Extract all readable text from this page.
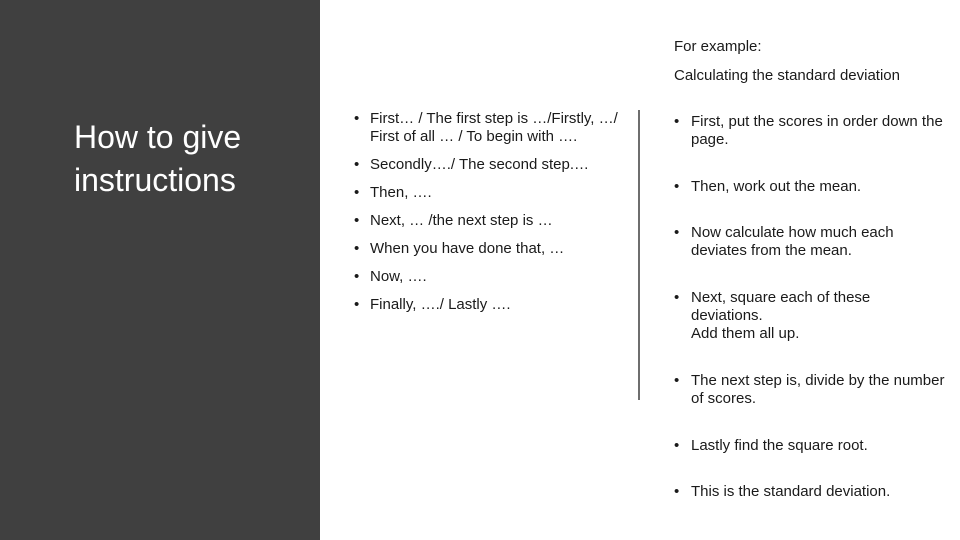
How to give instructions
• First… / The first step is …/Firstly, …/ First of all … / To begin with ….
• Secondly…./ The second step.…
• Then, ….
• Next, … /the next step is …
• When you have done that, …
• Now, ….
• Finally, …./ Lastly ….
For example:
Calculating the standard deviation
• First, put the scores in order down the page.
• Then, work out the mean.
• Now calculate how much each deviates from the mean.
• Next, square each of these deviations.
Add them all up.
• The next step is, divide by the number of scores.
• Lastly find the square root.
• This is the standard deviation.
